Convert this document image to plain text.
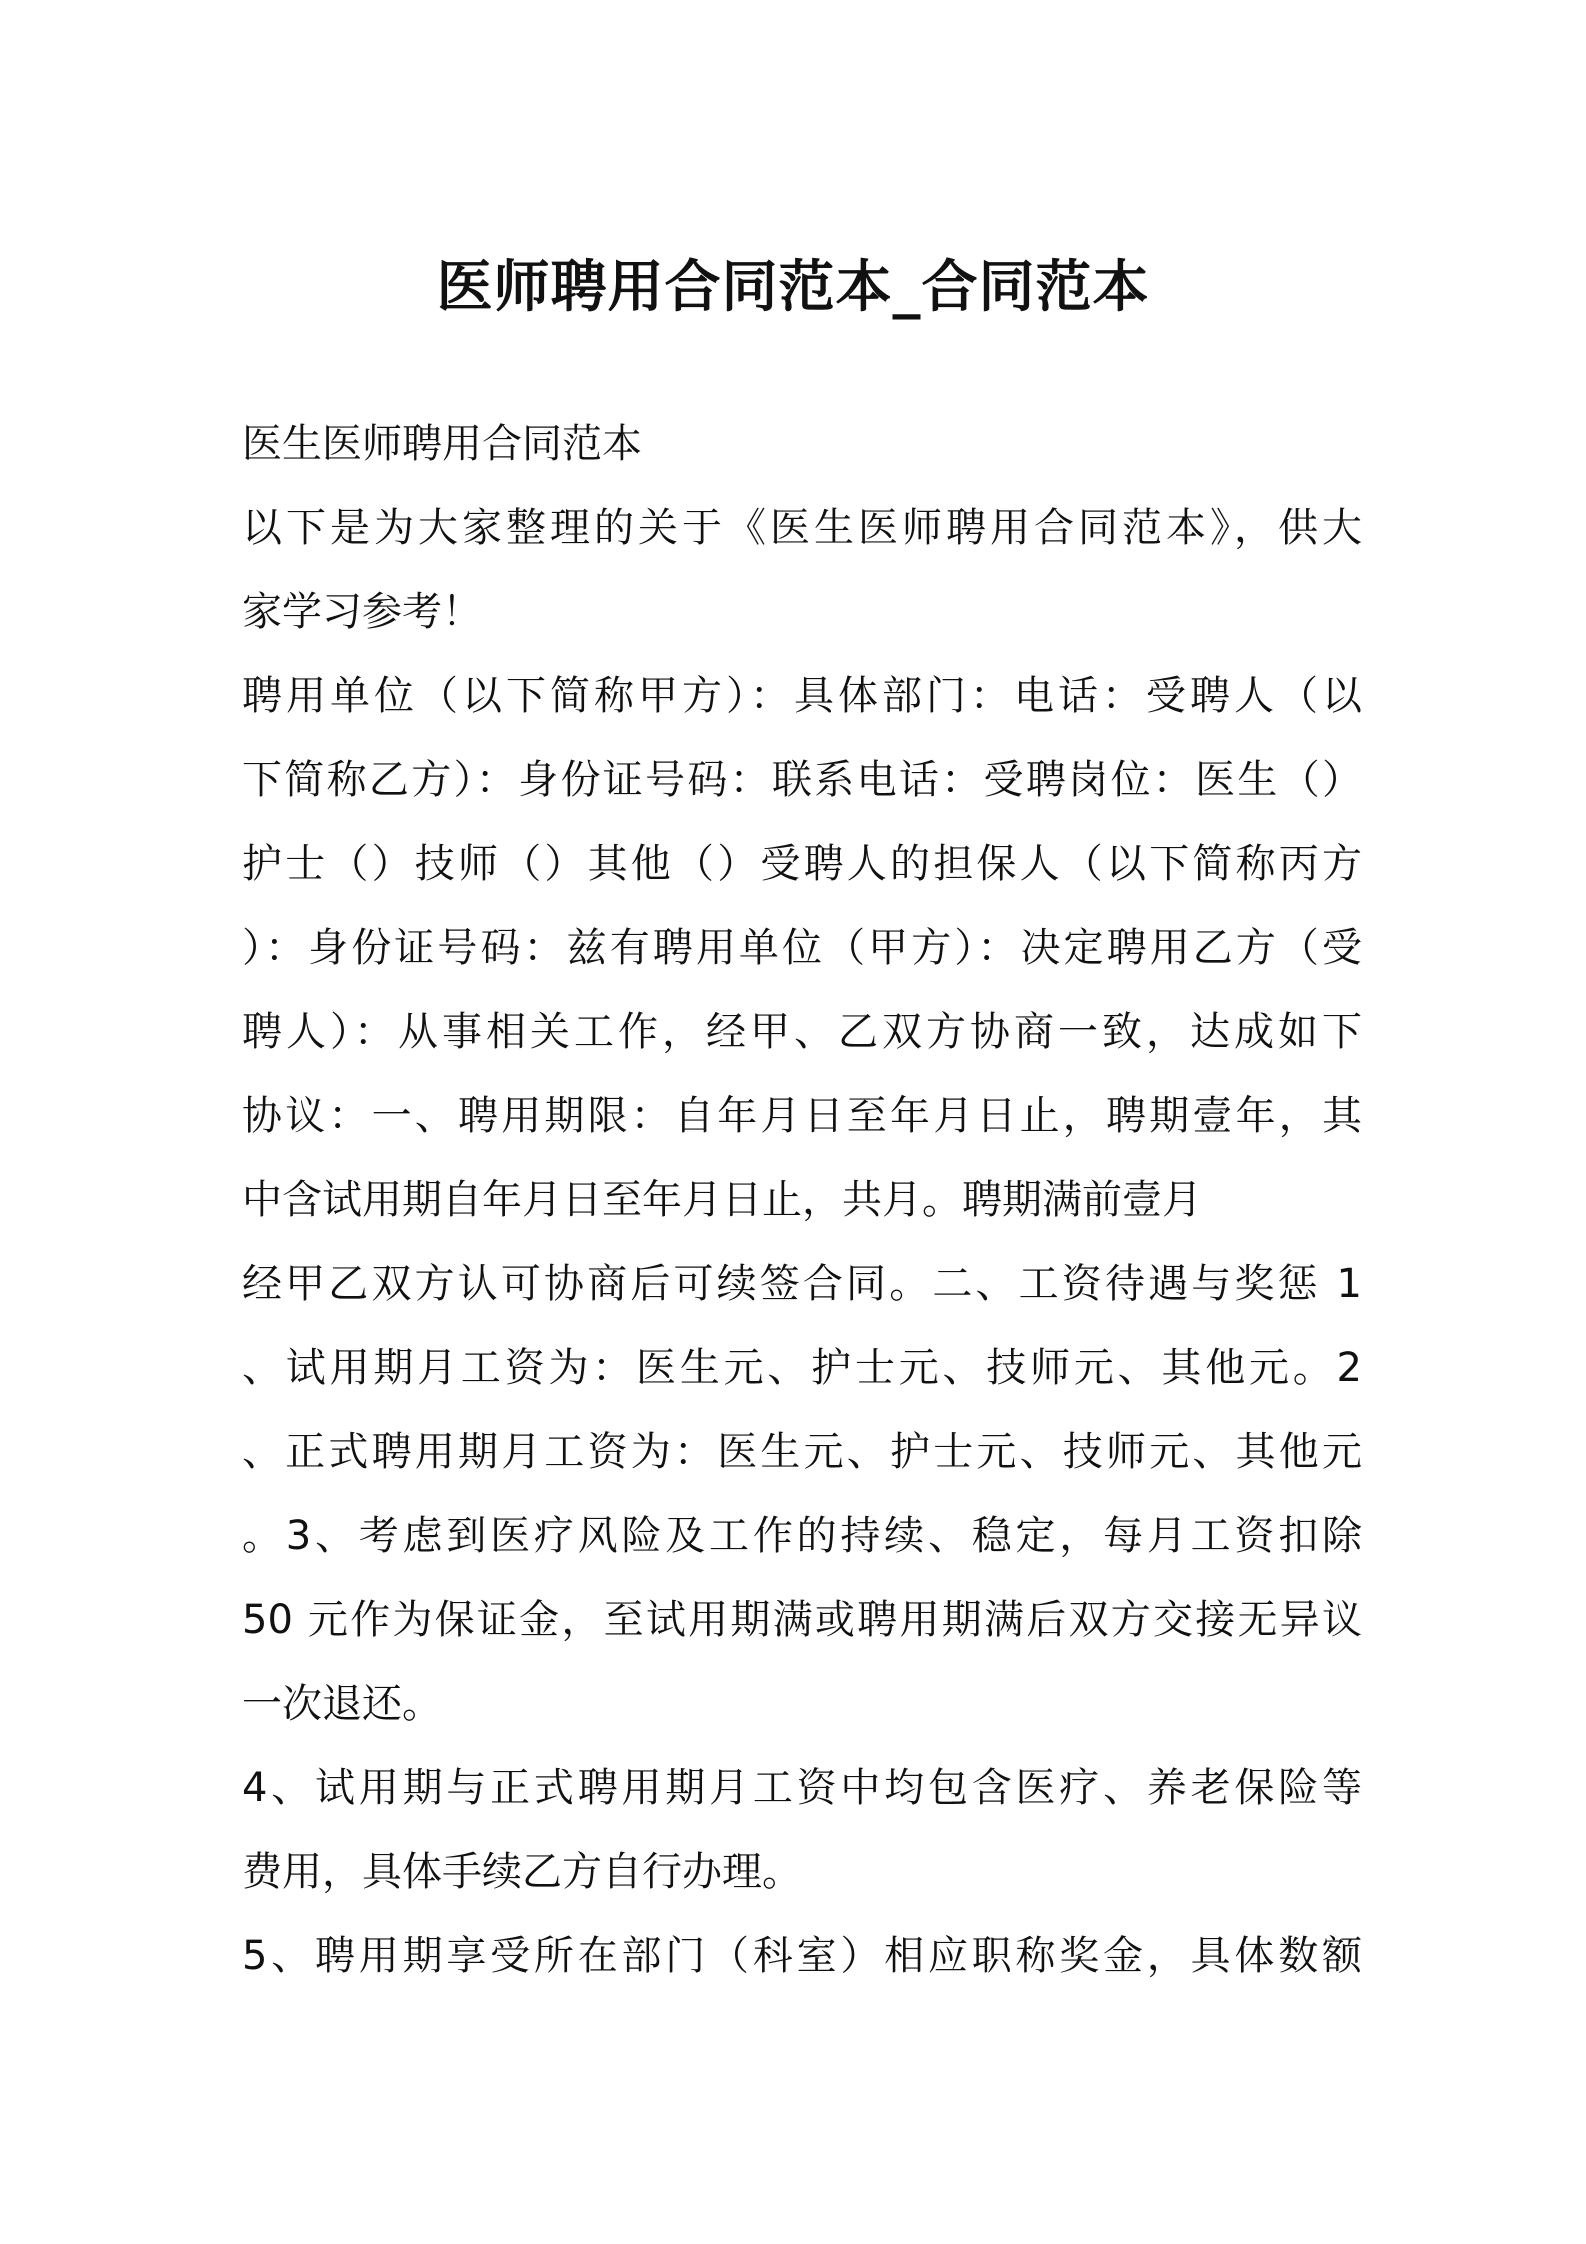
医师聘用合同范本_合同范本

医生医师聘用合同范本

以下是为大家整理的关于《医生医师聘用合同范本》，供大

家学习参考！

聘用单位（以下简称甲方）：具体部门：电话：受聘人（以

下简称乙方）：身份证号码：联系电话：受聘岗位：医生（）

护士（）技师（）其他（）受聘人的担保人（以下简称丙方

）：身份证号码：兹有聘用单位（甲方）：决定聘用乙方（受

聘人）：从事相关工作，经甲、乙双方协商一致，达成如下

协议：一、聘用期限：自年月日至年月日止，聘期壹年，其

中含试用期自年月日至年月日止，共月。聘期满前壹月

经甲乙双方认可协商后可续签合同。二、工资待遇与奖惩 1

、试用期月工资为：医生元、护士元、技师元、其他元。2

、正式聘用期月工资为：医生元、护士元、技师元、其他元

。3、考虑到医疗风险及工作的持续、稳定，每月工资扣除

50 元作为保证金，至试用期满或聘用期满后双方交接无异议

一次退还。

4、试用期与正式聘用期月工资中均包含医疗、养老保险等

费用，具体手续乙方自行办理。

5、聘用期享受所在部门（科室）相应职称奖金，具体数额
